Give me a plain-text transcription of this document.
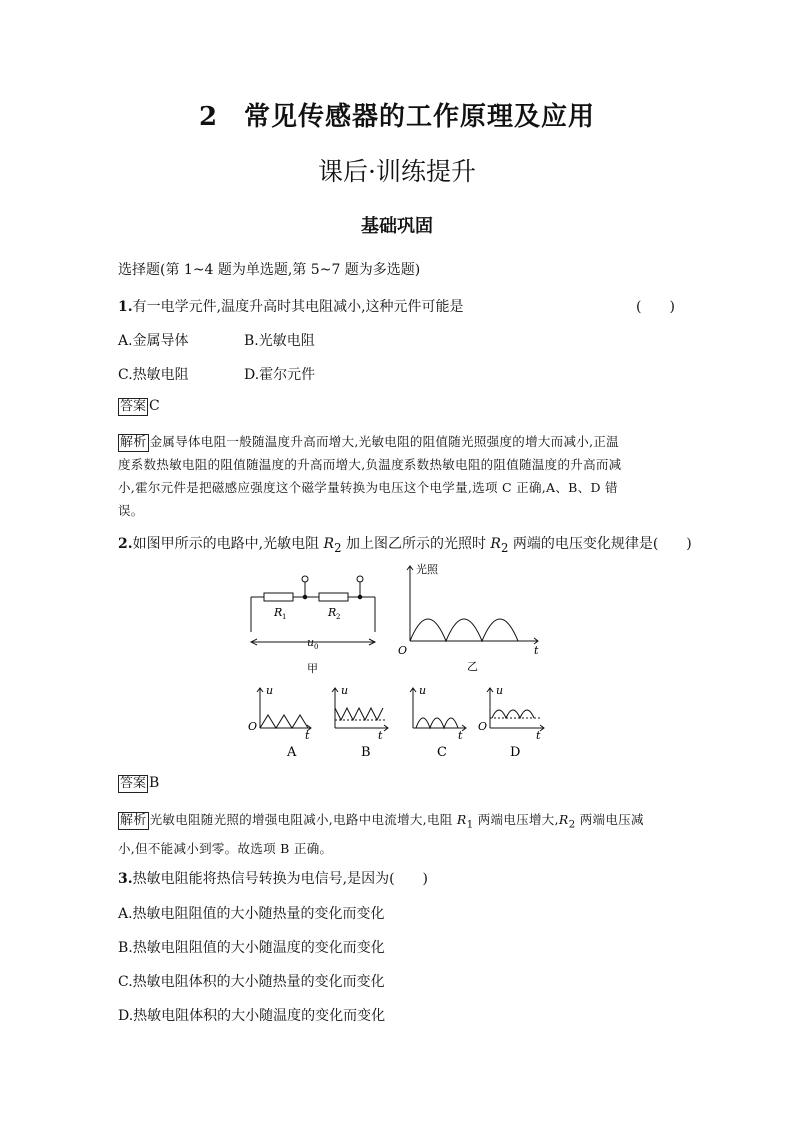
2 常见传感器的工作原理及应用
课后·训练提升
基础巩固
选择题(第 1~4 题为单选题,第 5~7 题为多选题)
1.有一电学元件,温度升高时其电阻减小,这种元件可能是	(　　)
A.金属导体	B.光敏电阻
C.热敏电阻	D.霍尔元件
答案 C
解析 金属导体电阻一般随温度升高而增大,光敏电阻的阻值随光照强度的增大而减小,正温
度系数热敏电阻的阻值随温度的升高而增大,负温度系数热敏电阻的阻值随温度的升高而减
小,霍尔元件是把磁感应强度这个磁学量转换为电压这个电学量,选项 C 正确,A、B、D 错
误。
2.如图甲所示的电路中,光敏电阻 $R_2$ 加上图乙所示的光照时 $R_2$ 两端的电压变化规律是(　　)
R 1	R 2
u 0
甲
光照
O	t
乙
u
O
t
A
u
t
B
u
t
C
u
O
t
D
答案 B
解析 光敏电阻随光照的增强电阻减小,电路中电流增大,电阻 $R_1$ 两端电压增大$,R_2$ 两端电压减
小,但不能减小到零。故选项 B 正确。
3.热敏电阻能将热信号转换为电信号,是因为(　　)
A.热敏电阻阻值的大小随热量的变化而变化
B.热敏电阻阻值的大小随温度的变化而变化
C.热敏电阻体积的大小随热量的变化而变化
D.热敏电阻体积的大小随温度的变化而变化
